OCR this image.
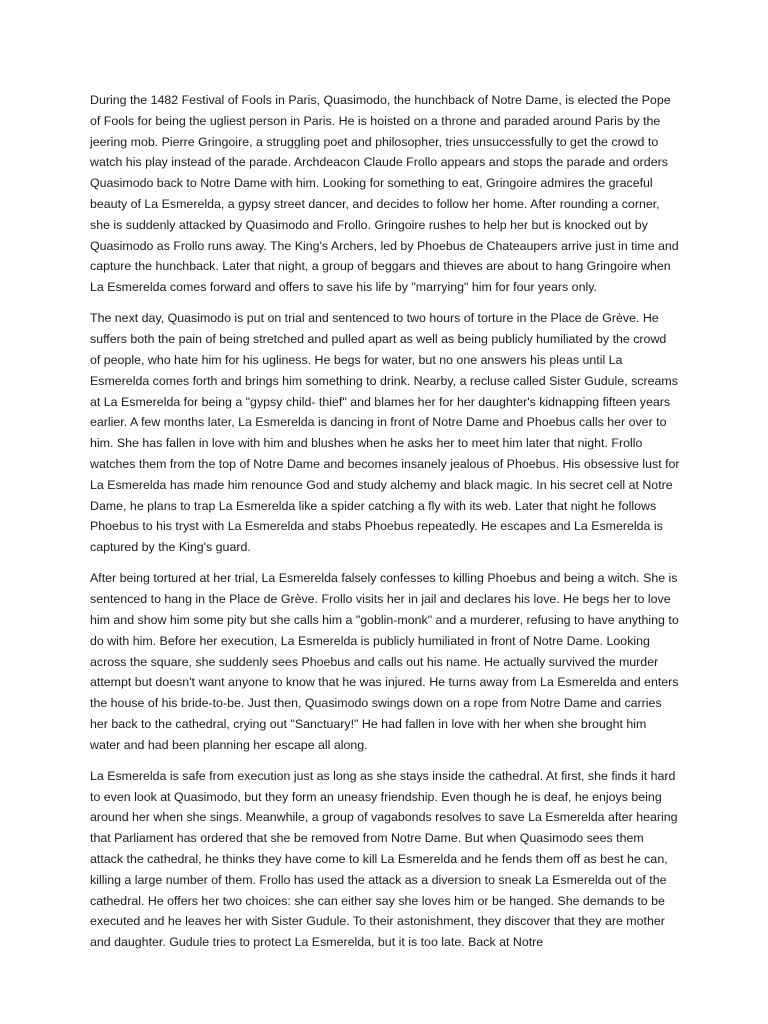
During the 1482 Festival of Fools in Paris, Quasimodo, the hunchback of Notre Dame, is elected the Pope of Fools for being the ugliest person in Paris. He is hoisted on a throne and paraded around Paris by the jeering mob. Pierre Gringoire, a struggling poet and philosopher, tries unsuccessfully to get the crowd to watch his play instead of the parade. Archdeacon Claude Frollo appears and stops the parade and orders Quasimodo back to Notre Dame with him. Looking for something to eat, Gringoire admires the graceful beauty of La Esmerelda, a gypsy street dancer, and decides to follow her home. After rounding a corner, she is suddenly attacked by Quasimodo and Frollo. Gringoire rushes to help her but is knocked out by Quasimodo as Frollo runs away. The King's Archers, led by Phoebus de Chateaupers arrive just in time and capture the hunchback. Later that night, a group of beggars and thieves are about to hang Gringoire when La Esmerelda comes forward and offers to save his life by "marrying" him for four years only.

The next day, Quasimodo is put on trial and sentenced to two hours of torture in the Place de Grève. He suffers both the pain of being stretched and pulled apart as well as being publicly humiliated by the crowd of people, who hate him for his ugliness. He begs for water, but no one answers his pleas until La Esmerelda comes forth and brings him something to drink. Nearby, a recluse called Sister Gudule, screams at La Esmerelda for being a "gypsy child- thief" and blames her for her daughter's kidnapping fifteen years earlier. A few months later, La Esmerelda is dancing in front of Notre Dame and Phoebus calls her over to him. She has fallen in love with him and blushes when he asks her to meet him later that night. Frollo watches them from the top of Notre Dame and becomes insanely jealous of Phoebus. His obsessive lust for La Esmerelda has made him renounce God and study alchemy and black magic. In his secret cell at Notre Dame, he plans to trap La Esmerelda like a spider catching a fly with its web. Later that night he follows Phoebus to his tryst with La Esmerelda and stabs Phoebus repeatedly. He escapes and La Esmerelda is captured by the King's guard.

After being tortured at her trial, La Esmerelda falsely confesses to killing Phoebus and being a witch. She is sentenced to hang in the Place de Grève. Frollo visits her in jail and declares his love. He begs her to love him and show him some pity but she calls him a "goblin-monk" and a murderer, refusing to have anything to do with him. Before her execution, La Esmerelda is publicly humiliated in front of Notre Dame. Looking across the square, she suddenly sees Phoebus and calls out his name. He actually survived the murder attempt but doesn't want anyone to know that he was injured. He turns away from La Esmerelda and enters the house of his bride-to-be. Just then, Quasimodo swings down on a rope from Notre Dame and carries her back to the cathedral, crying out "Sanctuary!" He had fallen in love with her when she brought him water and had been planning her escape all along.

La Esmerelda is safe from execution just as long as she stays inside the cathedral. At first, she finds it hard to even look at Quasimodo, but they form an uneasy friendship. Even though he is deaf, he enjoys being around her when she sings. Meanwhile, a group of vagabonds resolves to save La Esmerelda after hearing that Parliament has ordered that she be removed from Notre Dame. But when Quasimodo sees them attack the cathedral, he thinks they have come to kill La Esmerelda and he fends them off as best he can, killing a large number of them. Frollo has used the attack as a diversion to sneak La Esmerelda out of the cathedral. He offers her two choices: she can either say she loves him or be hanged. She demands to be executed and he leaves her with Sister Gudule. To their astonishment, they discover that they are mother and daughter. Gudule tries to protect La Esmerelda, but it is too late. Back at Notre
